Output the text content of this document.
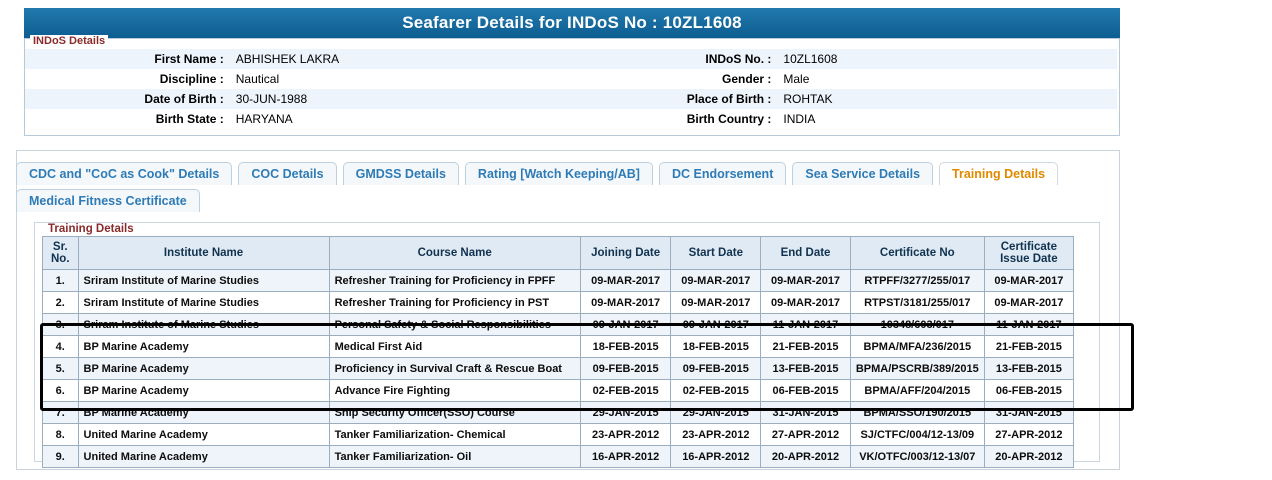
Seafarer Details for INDoS No : 10ZL1608
INDoS Details
First Name :	ABHISHEK LAKRA	INDoS No. :	10ZL1608
Discipline :	Nautical	Gender :	Male
Date of Birth :	30-JUN-1988	Place of Birth :	ROHTAK
Birth State :	HARYANA	Birth Country :	INDIA
CDC and "CoC as Cook" Details	COC Details	GMDSS Details	Rating [Watch Keeping/AB]	DC Endorsement	Sea Service Details	Training Details
Medical Fitness Certificate
Training Details
Sr. No.	Institute Name	Course Name	Joining Date	Start Date	End Date	Certificate No	Certificate Issue Date
1.	Sriram Institute of Marine Studies	Refresher Training for Proficiency in FPFF	09-MAR-2017	09-MAR-2017	09-MAR-2017	RTPFF/3277/255/017	09-MAR-2017
2.	Sriram Institute of Marine Studies	Refresher Training for Proficiency in PST	09-MAR-2017	09-MAR-2017	09-MAR-2017	RTPST/3181/255/017	09-MAR-2017
3.	Sriram Institute of Marine Studies	Personal Safety & Social Responsibilities	09-JAN-2017	09-JAN-2017	11-JAN-2017	10348/603/017	11-JAN-2017
4.	BP Marine Academy	Medical First Aid	18-FEB-2015	18-FEB-2015	21-FEB-2015	BPMA/MFA/236/2015	21-FEB-2015
5.	BP Marine Academy	Proficiency in Survival Craft & Rescue Boat	09-FEB-2015	09-FEB-2015	13-FEB-2015	BPMA/PSCRB/389/2015	13-FEB-2015
6.	BP Marine Academy	Advance Fire Fighting	02-FEB-2015	02-FEB-2015	06-FEB-2015	BPMA/AFF/204/2015	06-FEB-2015
7.	BP Marine Academy	Ship Security Officer(SSO) Course	29-JAN-2015	29-JAN-2015	31-JAN-2015	BPMA/SSO/190/2015	31-JAN-2015
8.	United Marine Academy	Tanker Familiarization- Chemical	23-APR-2012	23-APR-2012	27-APR-2012	SJ/CTFC/004/12-13/09	27-APR-2012
9.	United Marine Academy	Tanker Familiarization- Oil	16-APR-2012	16-APR-2012	20-APR-2012	VK/OTFC/003/12-13/07	20-APR-2012
